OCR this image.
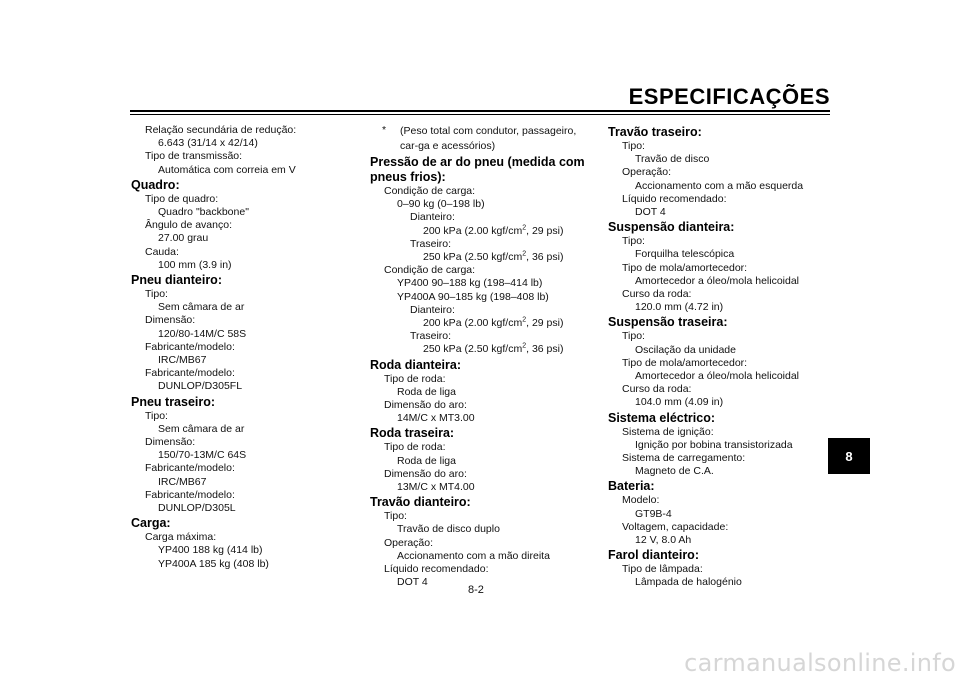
ESPECIFICAÇÕES
Relação secundária de redução:
6.643 (31/14 x 42/14)
Tipo de transmissão:
Automática com correia em V
Quadro:
Tipo de quadro:
Quadro "backbone"
Ângulo de avanço:
27.00 grau
Cauda:
100 mm (3.9 in)
Pneu dianteiro:
Tipo:
Sem câmara de ar
Dimensão:
120/80-14M/C 58S
Fabricante/modelo:
IRC/MB67
Fabricante/modelo:
DUNLOP/D305FL
Pneu traseiro:
Tipo:
Sem câmara de ar
Dimensão:
150/70-13M/C 64S
Fabricante/modelo:
IRC/MB67
Fabricante/modelo:
DUNLOP/D305L
Carga:
Carga máxima:
YP400 188 kg (414 lb)
YP400A 185 kg (408 lb)
*	(Peso total com condutor, passageiro, car-ga e acessórios)
Pressão de ar do pneu (medida com pneus frios):
Condição de carga:
0–90 kg (0–198 lb)
Dianteiro:
200 kPa (2.00 kgf/$cm^2$, 29 psi)
Traseiro:
250 kPa (2.50 kgf/$cm^2$, 36 psi)
Condição de carga:
YP400 90–188 kg (198–414 lb)
YP400A 90–185 kg (198–408 lb)
Dianteiro:
200 kPa (2.00 kgf/$cm^2$, 29 psi)
Traseiro:
250 kPa (2.50 kgf/$cm^2$, 36 psi)
Roda dianteira:
Tipo de roda:
Roda de liga
Dimensão do aro:
14M/C x MT3.00
Roda traseira:
Tipo de roda:
Roda de liga
Dimensão do aro:
13M/C x MT4.00
Travão dianteiro:
Tipo:
Travão de disco duplo
Operação:
Accionamento com a mão direita
Líquido recomendado:
DOT 4
Travão traseiro:
Tipo:
Travão de disco
Operação:
Accionamento com a mão esquerda
Líquido recomendado:
DOT 4
Suspensão dianteira:
Tipo:
Forquilha telescópica
Tipo de mola/amortecedor:
Amortecedor a óleo/mola helicoidal
Curso da roda:
120.0 mm (4.72 in)
Suspensão traseira:
Tipo:
Oscilação da unidade
Tipo de mola/amortecedor:
Amortecedor a óleo/mola helicoidal
Curso da roda:
104.0 mm (4.09 in)
Sistema eléctrico:
Sistema de ignição:
Ignição por bobina transistorizada
Sistema de carregamento:
Magneto de C.A.
Bateria:
Modelo:
GT9B-4
Voltagem, capacidade:
12 V, 8.0 Ah
Farol dianteiro:
Tipo de lâmpada:
Lâmpada de halogénio
8
8-2
carmanualsonline.info
